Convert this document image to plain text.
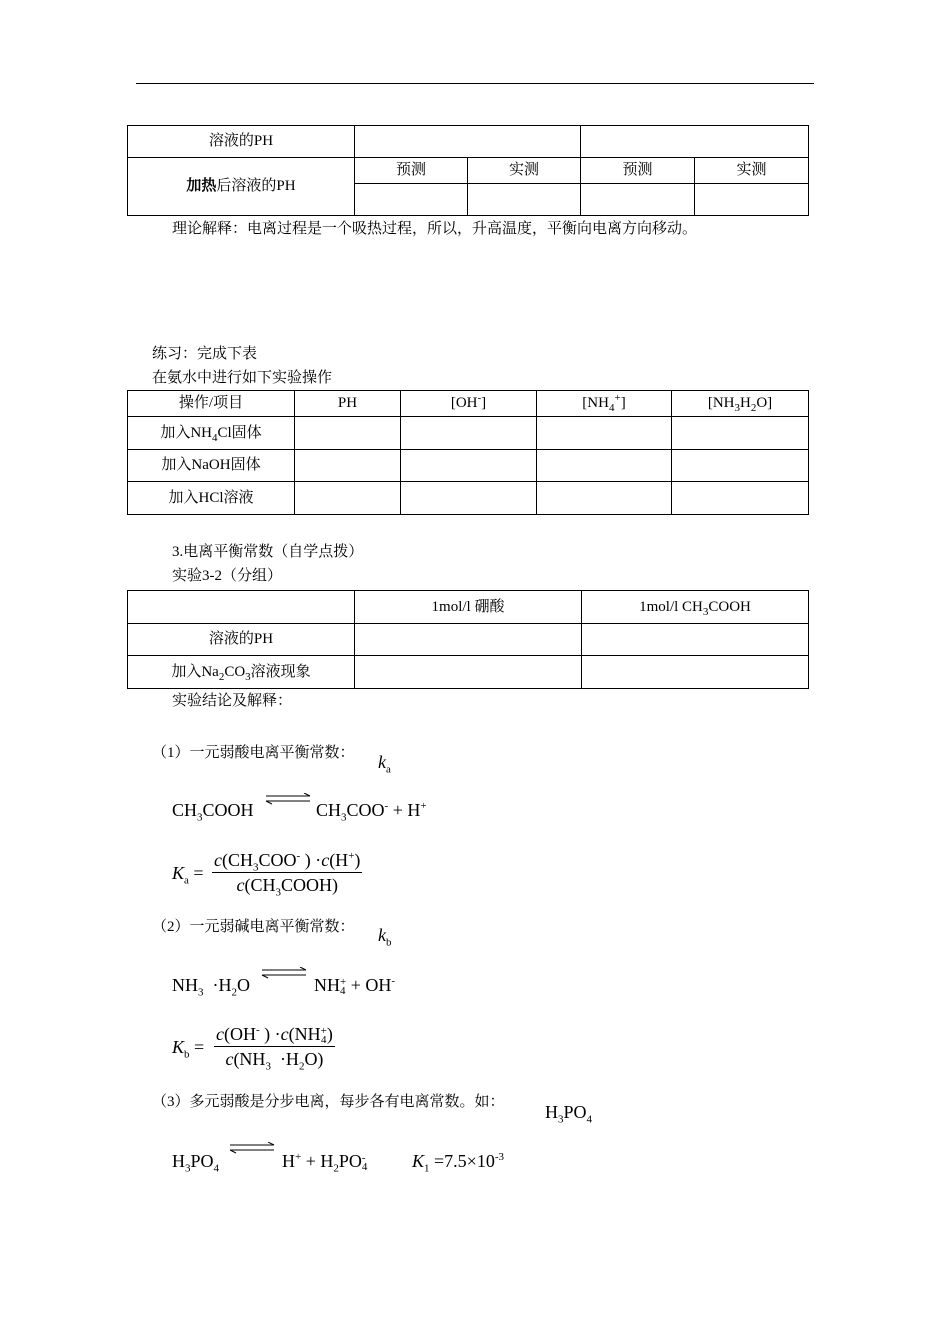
溶液的PH				
加热后溶液的PH	预测	实测	预测	实测

理论解释：电离过程是一个吸热过程，所以，升高温度，平衡向电离方向移动。
练习：完成下表
在氨水中进行如下实验操作
操作/项目	PH	[OH-]	$[NH_4^+]$	$[NH_3H_2O]$
加入$NH_4Cl$固体				
加入NaOH固体				
加入HCl溶液				
3.电离平衡常数（自学点拨）
实验3-2（分组）
	1mol/l 硼酸	1mol/l $CH_3COOH$
溶液的PH		
加入$Na_2CO_3$溶液现象		
实验结论及解释：
（1）一元弱酸电离平衡常数： $k_a$
$CH_3COOH$	$CH_3COO^- + H^+$
$K_a$ =
$c(CH_3COO^-$ ) ·c(H+)
$c(CH_3COOH)$
（2）一元弱碱电离平衡常数： $k_b$
$NH_3 \cdot H_2O$	NH+
4 + OH-
$K_b$ =
c(OH- ) ·c(NH+
4)
$c(NH_3 \cdot H_2O)$
（3）多元弱酸是分步电离，每步各有电离常数。如： $H_3PO_4$
$H_3PO_4$	$H^+ + H_2PO-$
4 $K_1 =7.5\times 10^{-3}$
